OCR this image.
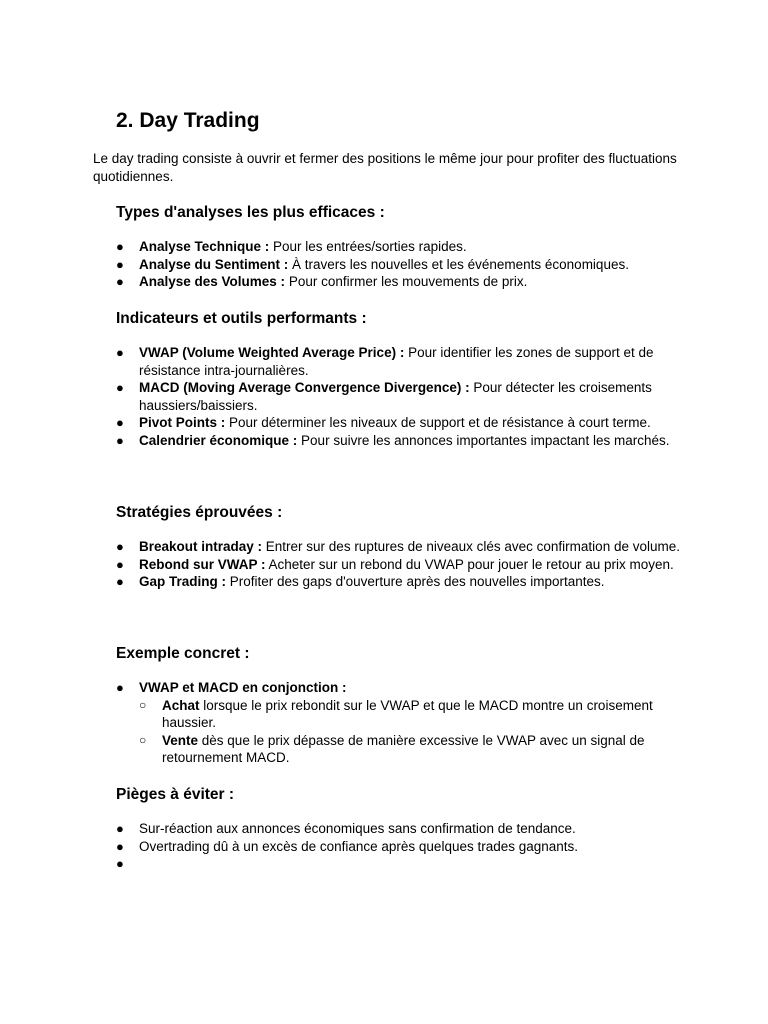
2. Day Trading

Le day trading consiste à ouvrir et fermer des positions le même jour pour profiter des fluctuations quotidiennes.

Types d'analyses les plus efficaces :
● Analyse Technique : Pour les entrées/sorties rapides.
● Analyse du Sentiment : À travers les nouvelles et les événements économiques.
● Analyse des Volumes : Pour confirmer les mouvements de prix.
Indicateurs et outils performants :
● VWAP (Volume Weighted Average Price) : Pour identifier les zones de support et de résistance intra-journalières.
● MACD (Moving Average Convergence Divergence) : Pour détecter les croisements haussiers/baissiers.
● Pivot Points : Pour déterminer les niveaux de support et de résistance à court terme.
● Calendrier économique : Pour suivre les annonces importantes impactant les marchés.
Stratégies éprouvées :
● Breakout intraday : Entrer sur des ruptures de niveaux clés avec confirmation de volume.
● Rebond sur VWAP : Acheter sur un rebond du VWAP pour jouer le retour au prix moyen.
● Gap Trading : Profiter des gaps d'ouverture après des nouvelles importantes.
Exemple concret :
● VWAP et MACD en conjonction :
○ Achat lorsque le prix rebondit sur le VWAP et que le MACD montre un croisement haussier.
○ Vente dès que le prix dépasse de manière excessive le VWAP avec un signal de retournement MACD.
Pièges à éviter :
● Sur-réaction aux annonces économiques sans confirmation de tendance.
● Overtrading dû à un excès de confiance après quelques trades gagnants.
●
